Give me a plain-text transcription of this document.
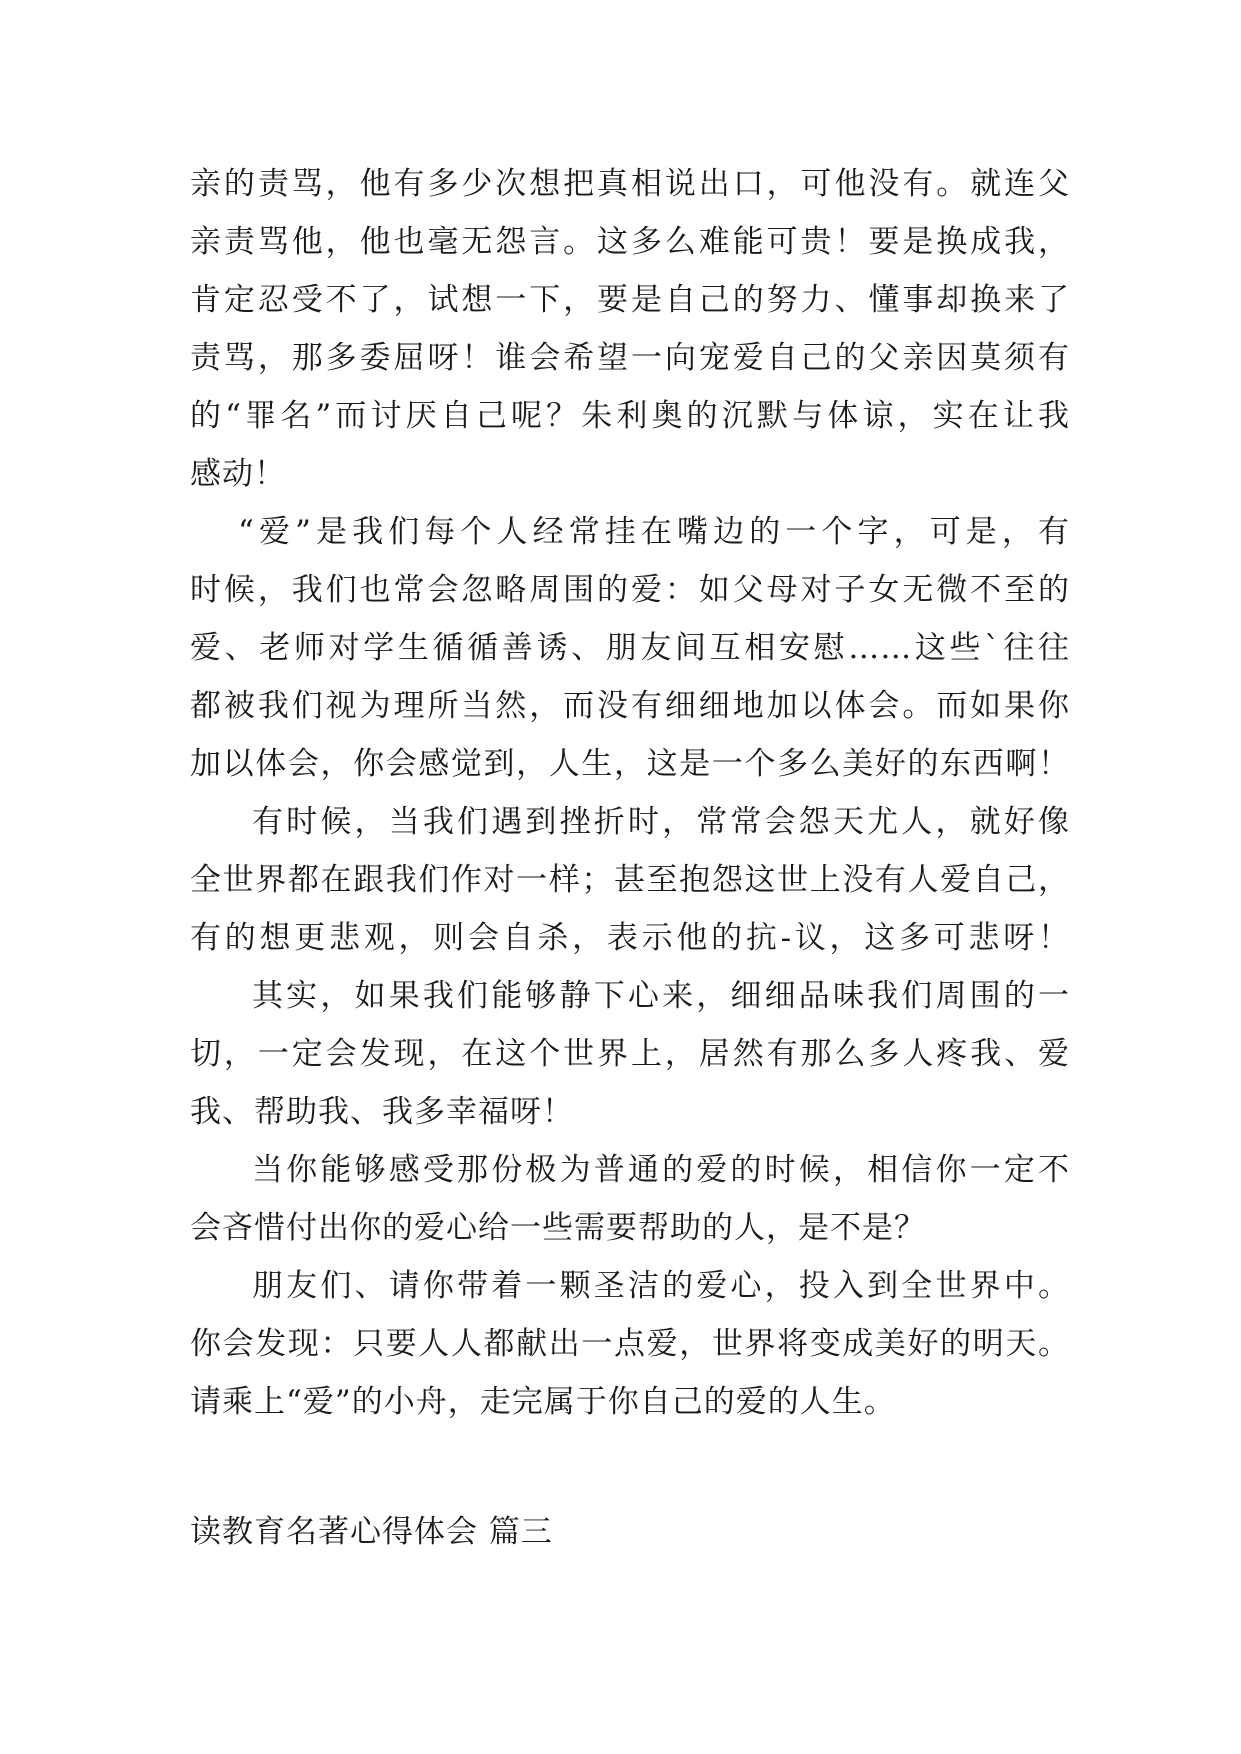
亲的责骂，他有多少次想把真相说出口，可他没有。就连父
亲责骂他，他也毫无怨言。这多么难能可贵！要是换成我，
肯定忍受不了，试想一下，要是自己的努力、懂事却换来了
责骂，那多委屈呀！谁会希望一向宠爱自己的父亲因莫须有
的“罪名”而讨厌自己呢？朱利奥的沉默与体谅，实在让我
感动！
“爱”是我们每个人经常挂在嘴边的一个字，可是，有
时候，我们也常会忽略周围的爱：如父母对子女无微不至的
爱、老师对学生循循善诱、朋友间互相安慰……这些`往往
都被我们视为理所当然，而没有细细地加以体会。而如果你
加以体会，你会感觉到，人生，这是一个多么美好的东西啊！
有时候，当我们遇到挫折时，常常会怨天尤人，就好像
全世界都在跟我们作对一样；甚至抱怨这世上没有人爱自己，
有的想更悲观，则会自杀，表示他的抗-议，这多可悲呀！
其实，如果我们能够静下心来，细细品味我们周围的一
切，一定会发现，在这个世界上，居然有那么多人疼我、爱
我、帮助我、我多幸福呀！
当你能够感受那份极为普通的爱的时候，相信你一定不
会吝惜付出你的爱心给一些需要帮助的人，是不是？
朋友们、请你带着一颗圣洁的爱心，投入到全世界中。
你会发现：只要人人都献出一点爱，世界将变成美好的明天。
请乘上“爱”的小舟，走完属于你自己的爱的人生。
读教育名著心得体会 篇三
